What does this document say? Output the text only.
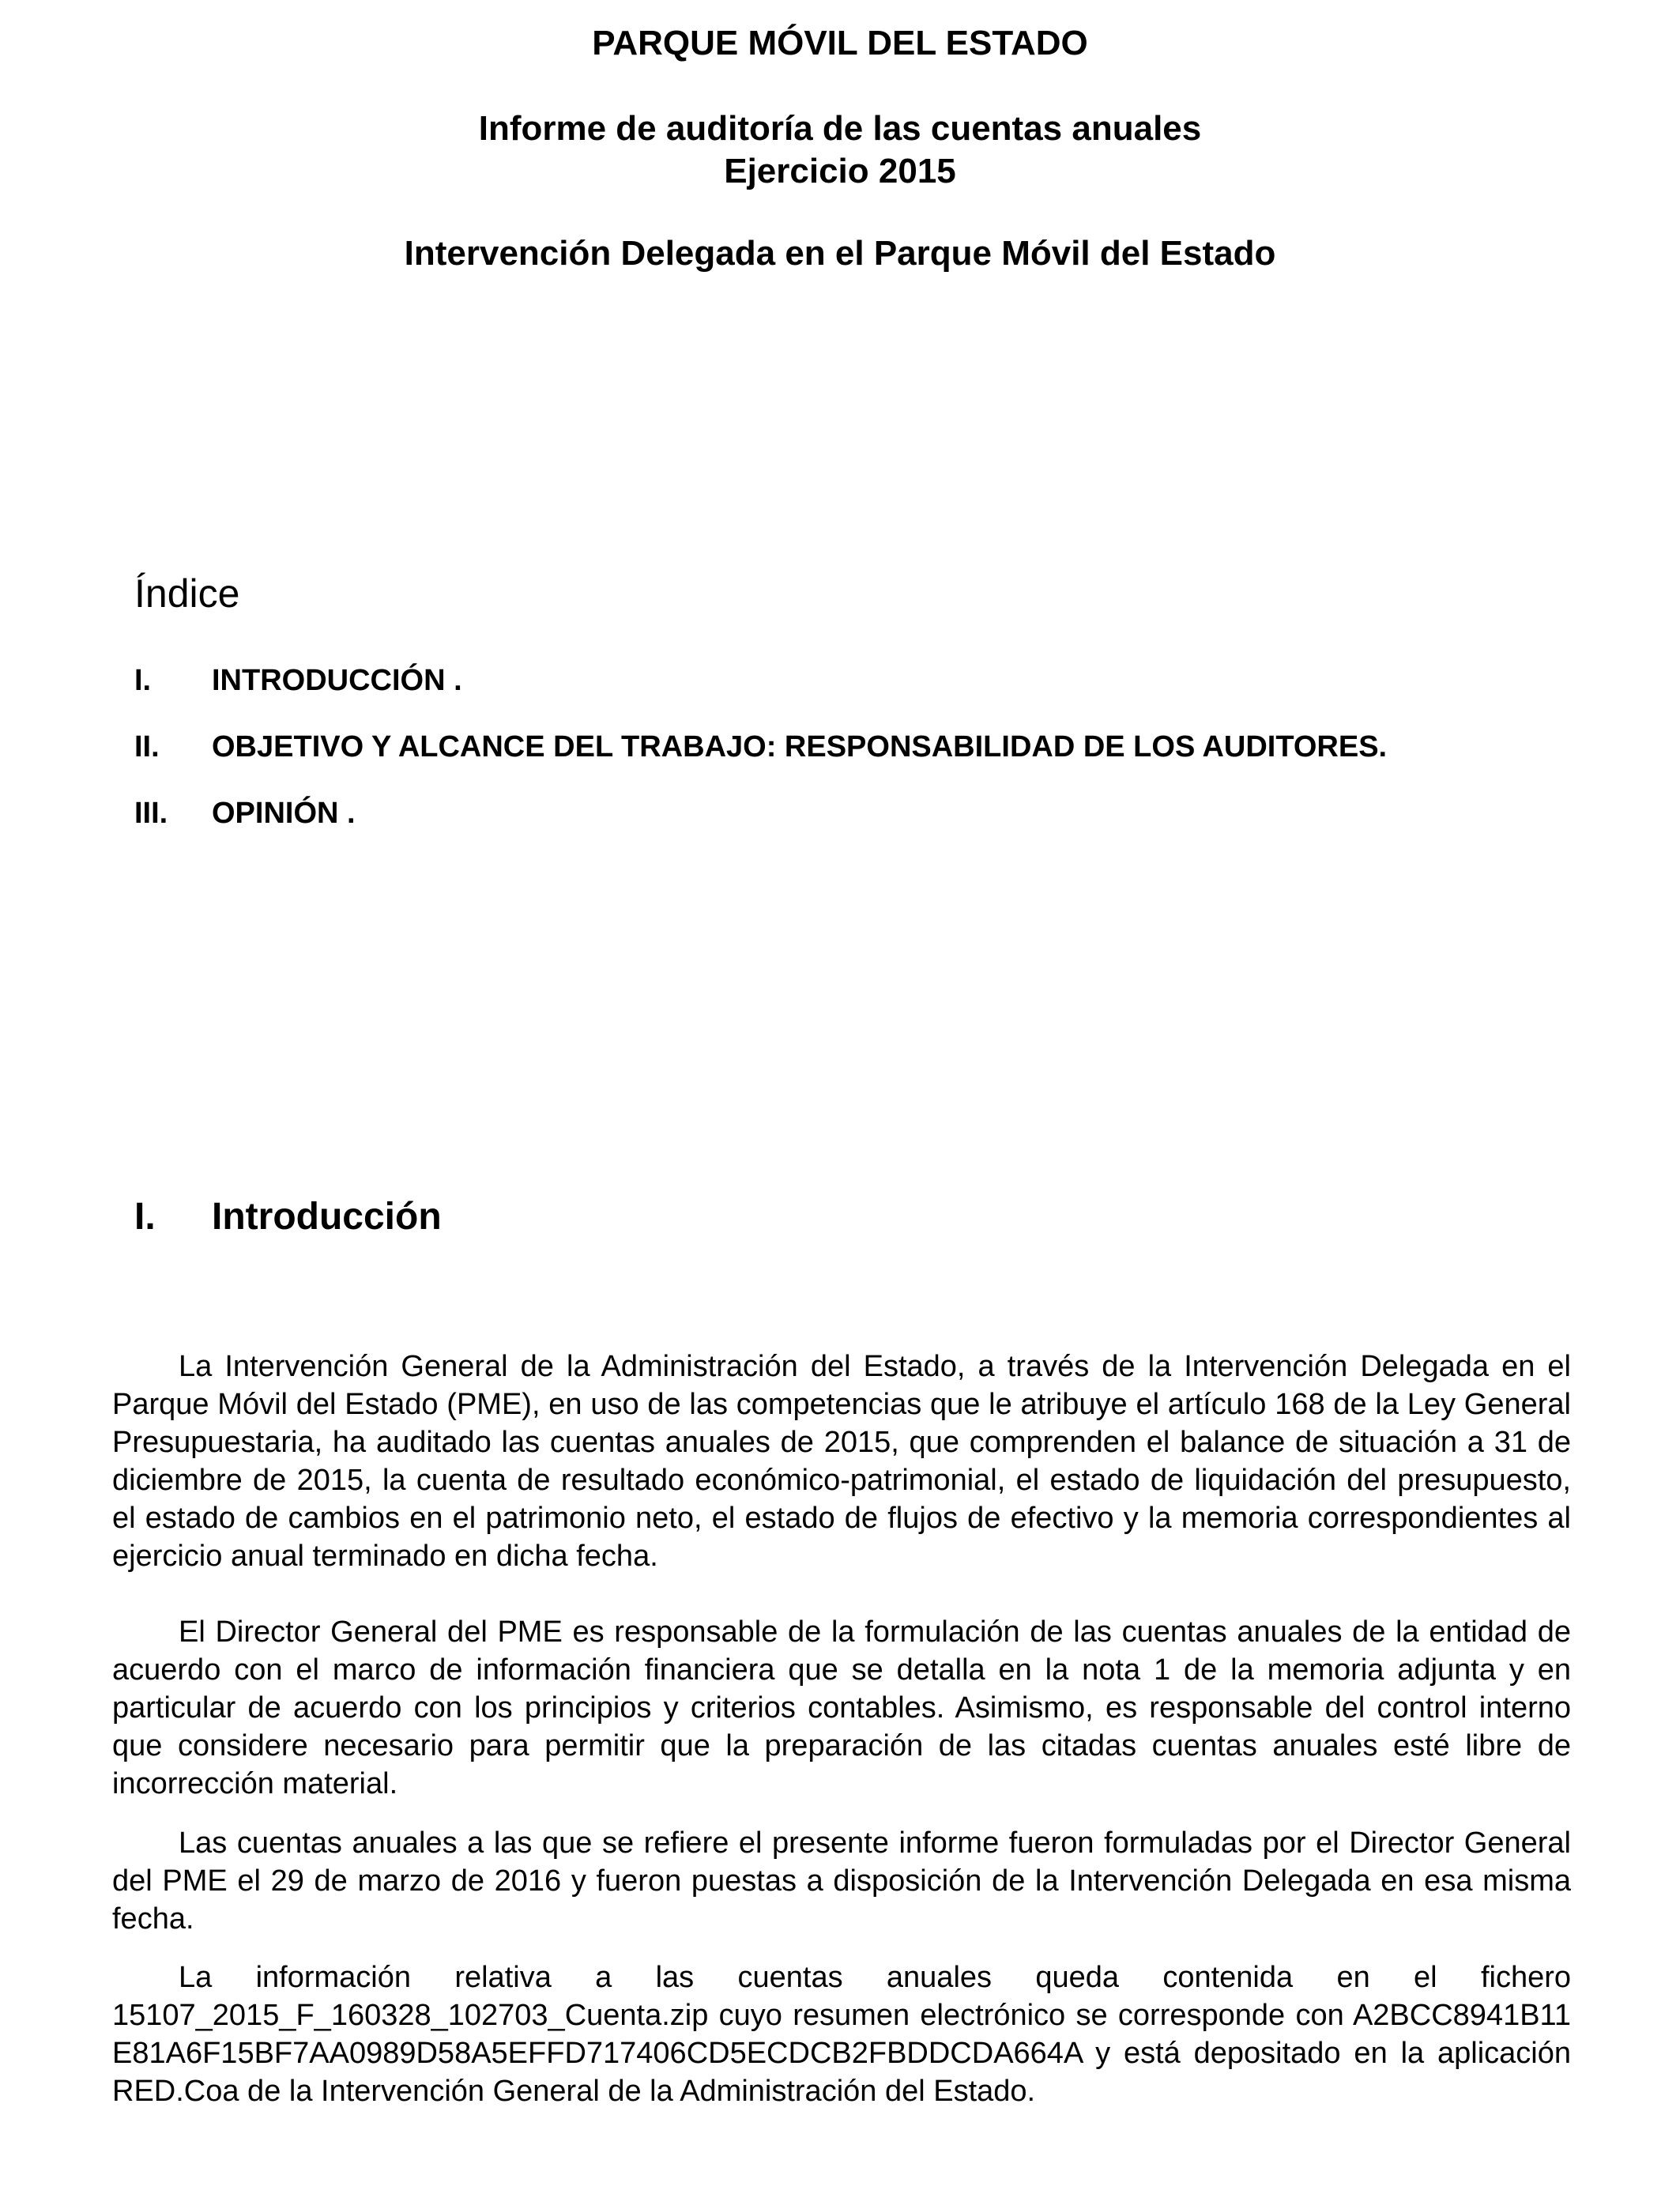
PARQUE MÓVIL DEL ESTADO
Informe de auditoría de las cuentas anuales
Ejercicio 2015
Intervención Delegada en el Parque Móvil del Estado
Índice
I. INTRODUCCIÓN .
II. OBJETIVO Y ALCANCE DEL TRABAJO: RESPONSABILIDAD DE LOS AUDITORES.
III. OPINIÓN .
I. Introducción

La Intervención General de la Administración del Estado, a través de la Intervención Delegada en el Parque Móvil del Estado (PME), en uso de las competencias que le atribuye el artículo 168 de la Ley General Presupuestaria, ha auditado las cuentas anuales de 2015, que comprenden el balance de situación a 31 de diciembre de 2015, la cuenta de resultado económico-patrimonial, el estado de liquidación del presupuesto, el estado de cambios en el patrimonio neto, el estado de flujos de efectivo y la memoria correspondientes al ejercicio anual terminado en dicha fecha.

El Director General del PME es responsable de la formulación de las cuentas anuales de la entidad de acuerdo con el marco de información financiera que se detalla en la nota 1 de la memoria adjunta y en particular de acuerdo con los principios y criterios contables. Asimismo, es responsable del control interno que considere necesario para permitir que la preparación de las citadas cuentas anuales esté libre de incorrección material.

Las cuentas anuales a las que se refiere el presente informe fueron formuladas por el Director General del PME el 29 de marzo de 2016 y fueron puestas a disposición de la Intervención Delegada en esa misma fecha.

La información relativa a las cuentas anuales queda contenida en el fichero 15107_2015_F_160328_102703_Cuenta.zip cuyo resumen electrónico se corresponde con A2BCC8941B11E81A6F15BF7AA0989D58A5EFFD717406CD5ECDCB2FBDDCDA664A y está depositado en la aplicación RED.Coa de la Intervención General de la Administración del Estado.
